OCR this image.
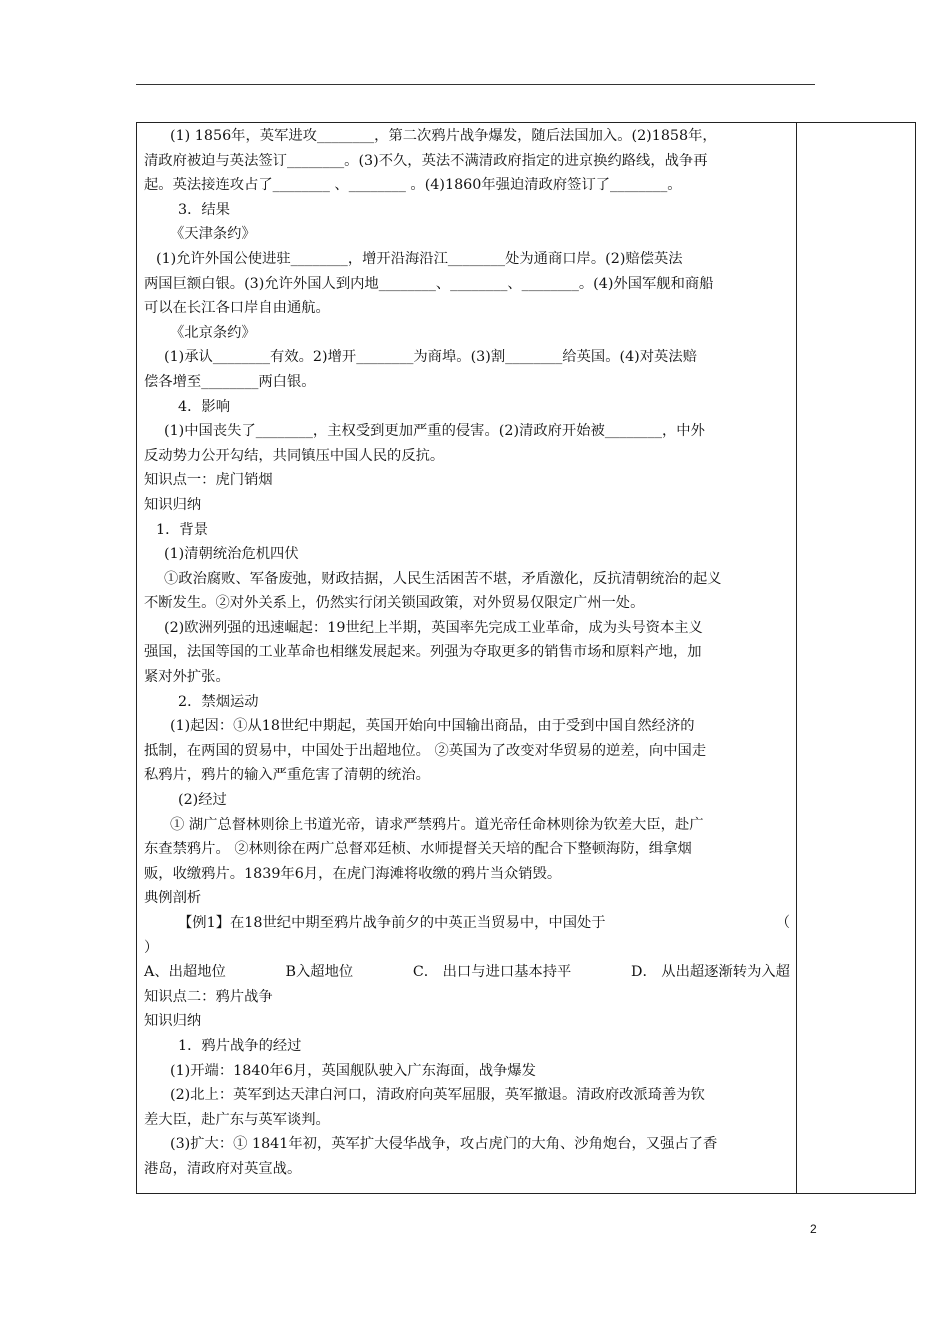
(1) 1856年，英军进攻________，第二次鸦片战争爆发，随后法国加入。(2)1858年，

清政府被迫与英法签订________。(3)不久，英法不满清政府指定的进京换约路线，战争再

起。英法接连攻占了________ 、________ 。(4)1860年强迫清政府签订了________。

3．结果

《天津条约》

(1)允许外国公使进驻________，增开沿海沿江________处为通商口岸。(2)赔偿英法

两国巨额白银。(3)允许外国人到内地________、________、________。(4)外国军舰和商船

可以在长江各口岸自由通航。

《北京条约》

(1)承认________有效。2)增开________为商埠。(3)割________给英国。(4)对英法赔

偿各增至________两白银。

4．影响

(1)中国丧失了________，主权受到更加严重的侵害。(2)清政府开始被________，中外

反动势力公开勾结，共同镇压中国人民的反抗。

知识点一：虎门销烟

知识归纳

1．背景

(1)清朝统治危机四伏

①政治腐败、军备废弛，财政拮据，人民生活困苦不堪，矛盾激化，反抗清朝统治的起义

不断发生。②对外关系上，仍然实行闭关锁国政策，对外贸易仅限定广州一处。

(2)欧洲列强的迅速崛起：19世纪上半期，英国率先完成工业革命，成为头号资本主义

强国，法国等国的工业革命也相继发展起来。列强为夺取更多的销售市场和原料产地，加

紧对外扩张。

2．禁烟运动

(1)起因：①从18世纪中期起，英国开始向中国输出商品，由于受到中国自然经济的

抵制，在两国的贸易中，中国处于出超地位。 ②英国为了改变对华贸易的逆差，向中国走

私鸦片，鸦片的输入严重危害了清朝的统治。

(2)经过

① 湖广总督林则徐上书道光帝，请求严禁鸦片。道光帝任命林则徐为钦差大臣，赴广

东查禁鸦片。 ②林则徐在两广总督邓廷桢、水师提督关天培的配合下整顿海防，缉拿烟

贩，收缴鸦片。1839年6月，在虎门海滩将收缴的鸦片当众销毁。

典例剖析

【例1】在18世纪中期至鸦片战争前夕的中英正当贸易中，中国处于	（

）

A、出超地位	B入超地位	C． 出口与进口基本持平	D． 从出超逐渐转为入超

知识点二：鸦片战争

知识归纳

1．鸦片战争的经过

(1)开端：1840年6月，英国舰队驶入广东海面，战争爆发

(2)北上：英军到达天津白河口，清政府向英军屈服，英军撤退。清政府改派琦善为钦

差大臣，赴广东与英军谈判。

(3)扩大：① 1841年初，英军扩大侵华战争，攻占虎门的大角、沙角炮台，又强占了香

港岛，清政府对英宣战。

2
